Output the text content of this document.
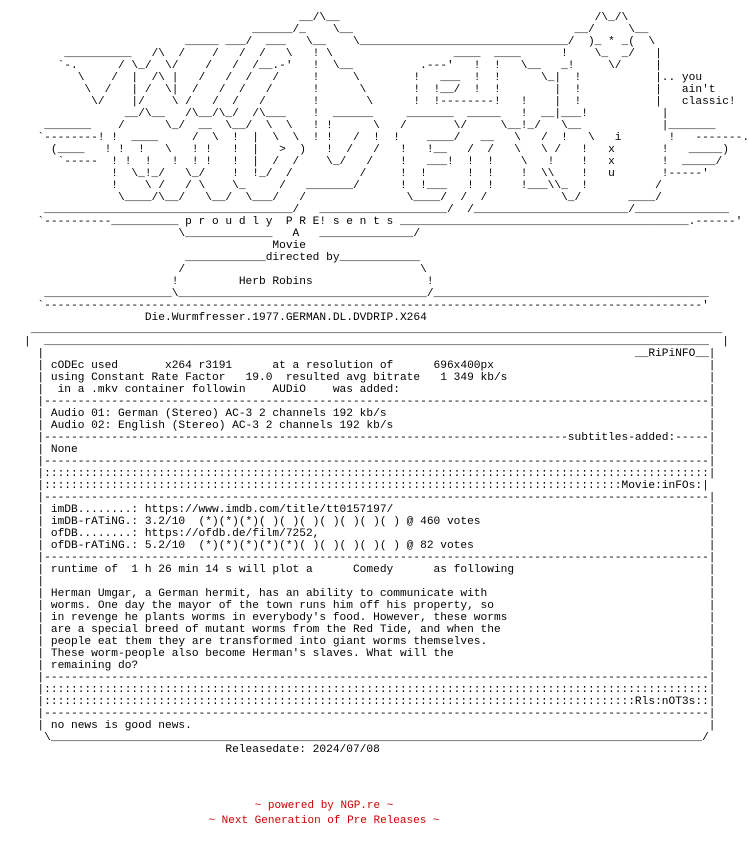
__/\__                                      /\_/\
______/_    \__                                 __/     \__
_____ ___/  ___   \__    \_______________________________/  )_ * _(  \
__________   /\  /    /   /  /   \   ! \                  ____  ____      !    \_  _/   |
`-.      / \_/  \/    /   /  /__.-'   !  \__          .---'   !  !   \__   _!     \/     |
\    /  |  /\ |   /   /  /   /     !     \        !   ___  !  !      \_|  !           |.. you
\  /   | /  \|  /   /  /   /      !      \       !  !__/  !  !        |  !           |   ain't
\/    |/    \ /   /  /   /       !       \      !  !--------!   !    |  !           |   classic!
__/\__   /\__/\_/  /\___    !  ______     _______  _____   !  __|___!           |
_______    /      \_/  __  \__/  \  \   ! !      \   /       \/     \__!_/   \__            |_______
`--------! !  ____     /  \  !  |  \  \  ! !   /  !  !    ____/   __   \   /  !   \   i       !   -------.
(____   ! !  !   \   ! !   !  |   >  )   !  /   /   !   !__   /  /   \   \ /   !   x       !   _____)
`-----  ! !  !   !  ! !   !  |  /  /    \_/   /    !   ___!  !  !    \   !    !   x       !  _____/
!  \_!_/   \_/    !  !_/  /          /     !  !      !  !    !  \\    !   u       !-----'
!    \ /   / \    \_     /   _______/      !  !___   !  !    !___\\_  !          /
\____/\__/   \__/  \___/   /               \____/  /  /           \_/       ____/
_____________________________________/   ___________________/  /_______________________/______________
`----------__________ p r o u d l y  P R E! s e n t s ___________________________________________.------'
\_____________   A   ______________/
Movie
____________directed by____________
/                                   \
!         Herb Robins                 !
___________________\_____________________________________/_________________________________________
`--------------------------------------------------------------------------------------------------'
Die.Wurmfresser.1977.GERMAN.DL.DVDRIP.X264
_______________________________________________________________________________________________________
|  ___________________________________________________________________________________________________  |
|                                                                                        __RiPiNFO__|
| cODEc used       x264 r3191      at a resolution of      696x400px                                |
| using Constant Rate Factor   19.0  resulted avg bitrate   1 349 kb/s                              |
|  in a .mkv container followin    AUDiO    was added:                                              |
|---------------------------------------------------------------------------------------------------|
| Audio 01: German (Stereo) AC-3 2 channels 192 kb/s                                                |
| Audio 02: English (Stereo) AC-3 2 channels 192 kb/s                                               |
|------------------------------------------------------------------------------subtitles-added:-----|
| None                                                                                              |
|---------------------------------------------------------------------------------------------------|
|:::::::::::::::::::::::::::::::::::::::::::::::::::::::::::::::::::::::::::::::::::::::::::::::::::|
|::::::::::::::::::::::::::::::::::::::::::::::::::::::::::::::::::::::::::::::::::::::Movie:inFOs:|
|---------------------------------------------------------------------------------------------------|
| imDB........: https://www.imdb.com/title/tt0157197/                                               |
| imDB-rATiNG.: 3.2/10  (*)(*)(*)( )( )( )( )( )( )( ) @ 460 votes                                  |
| ofDB........: https://ofdb.de/film/7252,                                                          |
| ofDB-rATiNG.: 5.2/10  (*)(*)(*)(*)(*)( )( )( )( )( ) @ 82 votes                                   |
|---------------------------------------------------------------------------------------------------|
| runtime of  1 h 26 min 14 s will plot a      Comedy      as following                             |
|                                                                                                   |
| Herman Umgar, a German hermit, has an ability to communicate with                                 |
| worms. One day the mayor of the town runs him off his property, so                                |
| in revenge he plants worms in everybody's food. However, these worms                              |
| are a special breed of mutant worms from the Red Tide, and when the                               |
| people eat them they are transformed into giant worms themselves.                                 |
| These worm-people also become Herman's slaves. What will the                                      |
| remaining do?                                                                                     |
|---------------------------------------------------------------------------------------------------|
|:::::::::::::::::::::::::::::::::::::::::::::::::::::::::::::::::::::::::::::::::::::::::::::::::::|
|::::::::::::::::::::::::::::::::::::::::::::::::::::::::::::::::::::::::::::::::::::::::Rls:nOT3s::|
|---------------------------------------------------------------------------------------------------|
| no news is good news.                                                                             |
\_________________________________________________________________________________________________/
Releasedate: 2024/07/08
~ powered by NGP.re ~
~ Next Generation of Pre Releases ~
